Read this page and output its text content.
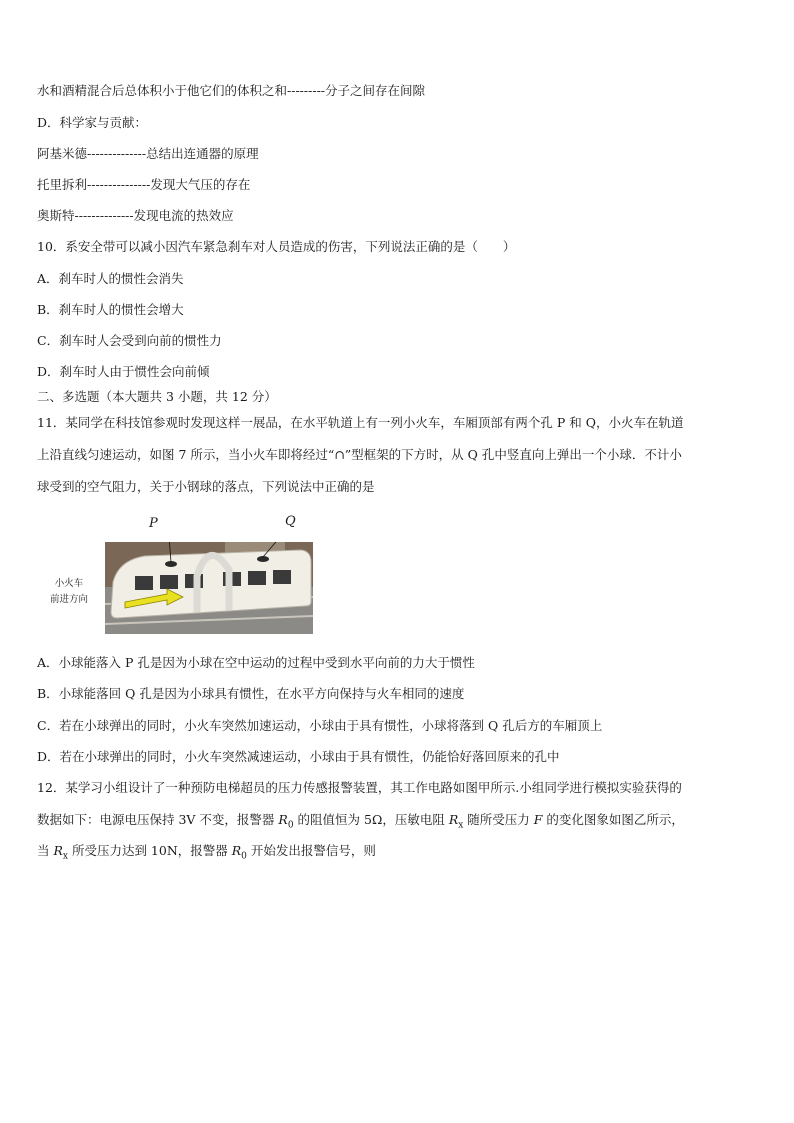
水和酒精混合后总体积小于他它们的体积之和---------分子之间存在间隙
D．科学家与贡献：
阿基米德--------------总结出连通器的原理
托里拆利---------------发现大气压的存在
奥斯特--------------发现电流的热效应
10．系安全带可以减小因汽车紧急刹车对人员造成的伤害，下列说法正确的是（　　）
A．刹车时人的惯性会消失
B．刹车时人的惯性会增大
C．刹车时人会受到向前的惯性力
D．刹车时人由于惯性会向前倾
二、多选题（本大题共 3 小题，共 12 分）
11．某同学在科技馆参观时发现这样一展品，在水平轨道上有一列小火车，车厢顶部有两个孔 P 和 Q，小火车在轨道
上沿直线匀速运动，如图 7 所示，当小火车即将经过“∩”型框架的下方时，从 Q 孔中竖直向上弹出一个小球．不计小
球受到的空气阻力，关于小钢球的落点，下列说法中正确的是
P	Q
小火车
前进方向
A．小球能落入 P 孔是因为小球在空中运动的过程中受到水平向前的力大于惯性
B．小球能落回 Q 孔是因为小球具有惯性，在水平方向保持与火车相同的速度
C．若在小球弹出的同时，小火车突然加速运动，小球由于具有惯性，小球将落到 Q 孔后方的车厢顶上
D．若在小球弹出的同时，小火车突然减速运动，小球由于具有惯性，仍能恰好落回原来的孔中
12．某学习小组设计了一种预防电梯超员的压力传感报警装置，其工作电路如图甲所示.小组同学进行模拟实验获得的
数据如下：电源电压保持 3V 不变，报警器 $R_0$ 的阻值恒为 5Ω，压敏电阻 $R_x$ 随所受压力 F 的变化图象如图乙所示，
当 $R_x$ 所受压力达到 10N，报警器 $R_0$ 开始发出报警信号，则
